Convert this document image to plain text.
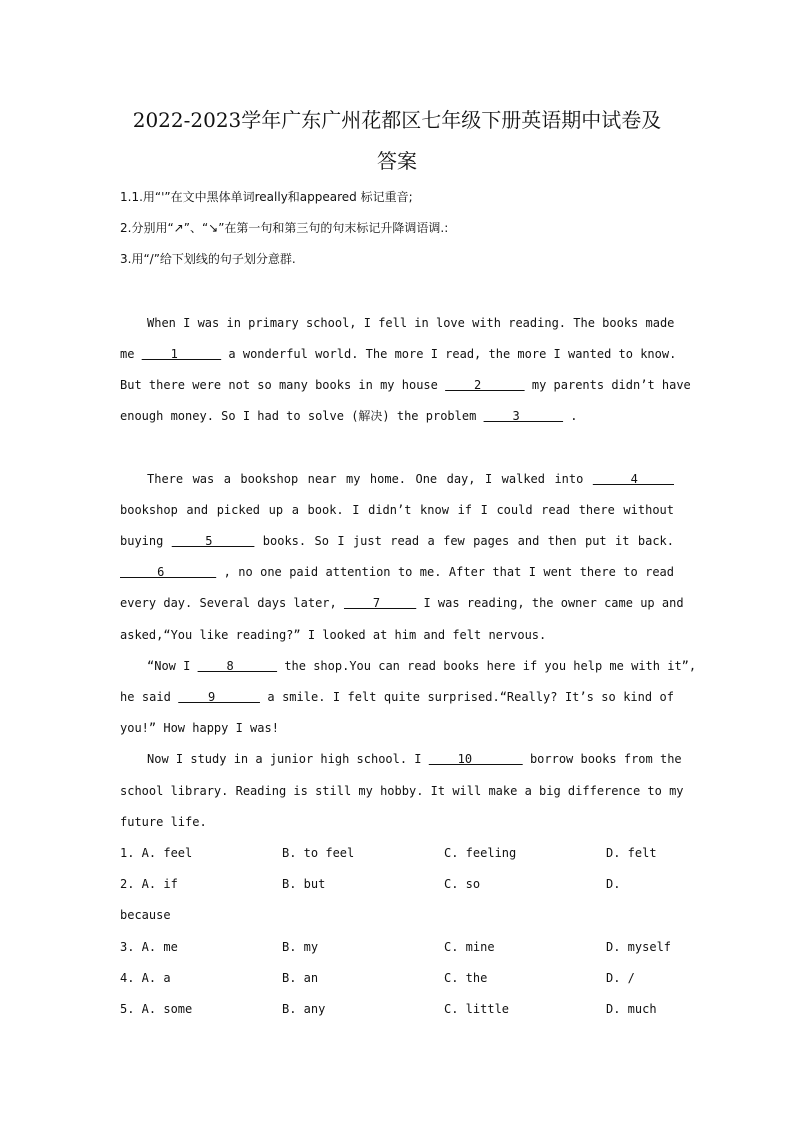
2022-2023学年广东广州花都区七年级下册英语期中试卷及
答案
1.1.用“'”在文中黑体单词really和appeared 标记重音;
2.分别用“↗”、“↘”在第一句和第三句的句末标记升降调语调.:
3.用“/”给下划线的句子划分意群.
When I was in primary school, I fell in love with reading. The books made
me     1       a wonderful world. The more I read, the more I wanted to know.
But there were not so many books in my house     2       my parents didn’t have
enough money. So I had to solve (解决) the problem     3       .
There was a bookshop near my home. One day, I walked into     4
bookshop and picked up a book. I didn’t know if I could read there without
buying     5      books. So I just read a few pages and then put it back.
6        , no one paid attention to me. After that I went there to read
every day. Several days later,     7      I was reading, the owner came up and
asked,“You like reading?” I looked at him and felt nervous.
“Now I     8       the shop.You can read books here if you help me with it”,
he said     9       a smile. I felt quite surprised.“Really? It’s so kind of
you!” How happy I was!
Now I study in a junior high school. I     10        borrow books from the
school library. Reading is still my hobby. It will make a big difference to my
future life.
1. A. feel	B. to feel	C. feeling	D. felt
2. A. if	B. but	C. so	D.
because
3. A. me	B. my	C. mine	D. myself
4. A. a	B. an	C. the	D. /
5. A. some	B. any	C. little	D. much
